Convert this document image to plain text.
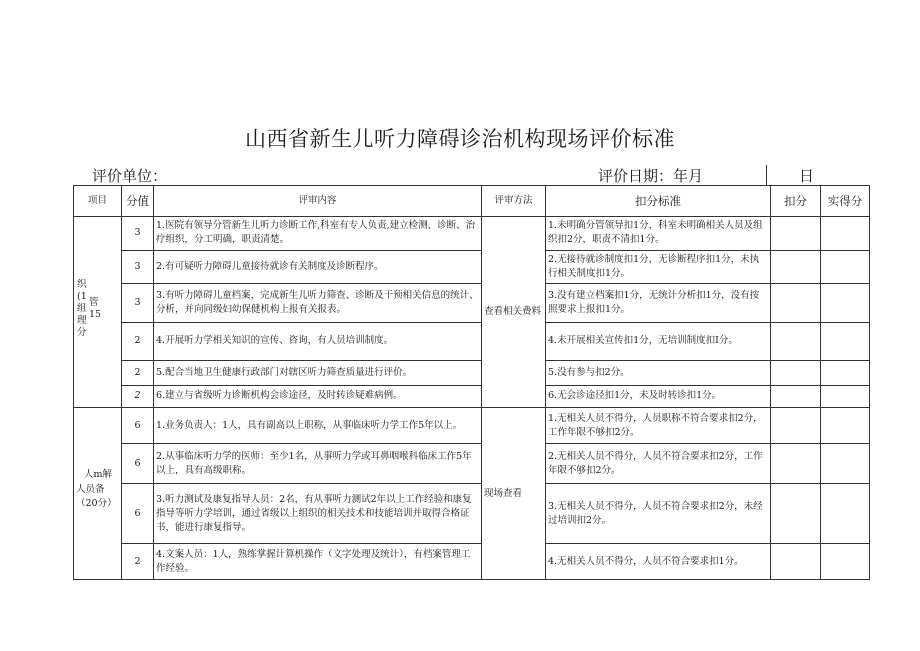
山西省新生儿听力障碍诊治机构现场评价标准
评价单位：	评价日期：年月	日
项目	分值	评审内容	评审方法	扣分标准	扣分	实得分

织(1组理分
管15	3	1.医院有领导分管新生儿听力诊断工作,科室有专人负责,建立检测、诊断、治疗组织，分工明确，职责清楚。	查看相关费料	1.未明确分管领导扣1分，科室未明确相关人员及组织扣2分，职责不清扣1分。		
	3	2.有可疑听力障碍儿童接待就诊有关制度及诊断程序。		2.无接待就诊制度扣1分，无诊断程序扣1分，未执行相关制度扣1分。		
	3	3.有听力障碍儿童档案，完成新生儿听力筛查、诊断及干预相关信息的统计、分析，并向同级妇幼保健机构上报有关报表。		3.没有建立档案扣1分，无统计分析扣1分，没有按照要求上报扣1分。		
	2	4.开展听力学相关知识的宣传、咨询，有人员培训制度。		4.未开展相关宣传扣1分，无培训制度扣I分。		
	2	5.配合当地卫生健康行政部门对辖区听力筛查质量进行评价。		5.没有参与扣2分。		
	2	6.建立与省级听力诊断机构会诊途径，及时转诊疑难病例。		6.无会诊途径扣1分，未及时转诊扣1分。		

人m解
人员备（20分）	6	1.业务负责人：1人，具有副高以上职称，从事临床听力学工作5年以上。	现场查看	1.无相关人员不得分，人员职称不符合要求扣2分，工作年限不够扣2分。		
	6	2.从事临床听力学的医师：至少1名，从事听力学或耳鼻咽喉科临床工作5年以上，具有高级职称。		2.无相关人员不得分，人员不符合要求扣2分，工作年限不够扣2分。		
	6	3.听力测试及康复指导人员：2名，有从事听力测试2年以上工作经验和康复指导等听力学培训，通过省级以上组织的相关技术和技能培训并取得合格证书，能进行康复指导。		3.无相关人员不得分，人员不符合要求扣2分，未经过培训扣2分。		
	2	4.文案人员：1人，熟练掌握计算机操作（文字处理及统计），有档案管理工作经验。		4.无相关人员不得分，人员不符合要求扣1分。		
